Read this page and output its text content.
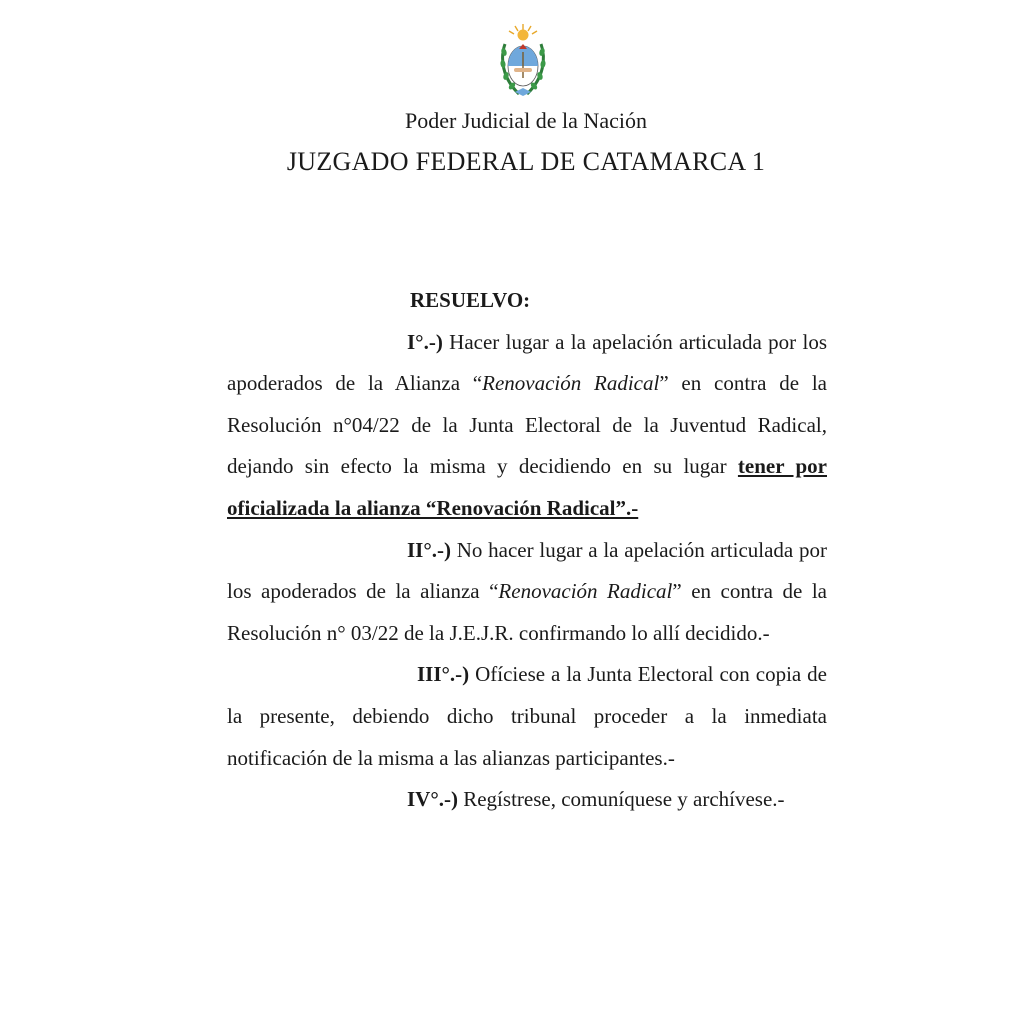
Poder Judicial de la Nación
JUZGADO FEDERAL DE CATAMARCA 1

RESUELVO:

I°.-) Hacer lugar a la apelación articulada por los apoderados de la Alianza “Renovación Radical” en contra de la Resolución n°04/22 de la Junta Electoral de la Juventud Radical, dejando sin efecto la misma y decidiendo en su lugar tener por oficializada la alianza “Renovación Radical”.-

II°.-) No hacer lugar a la apelación articulada por los apoderados de la alianza “Renovación Radical” en contra de la Resolución n° 03/22 de la J.E.J.R. confirmando lo allí decidido.-

III°.-) Ofíciese a la Junta Electoral con copia de la presente, debiendo dicho tribunal proceder a la inmediata notificación de la misma a las alianzas participantes.-

IV°.-) Regístrese, comuníquese y archívese.-
